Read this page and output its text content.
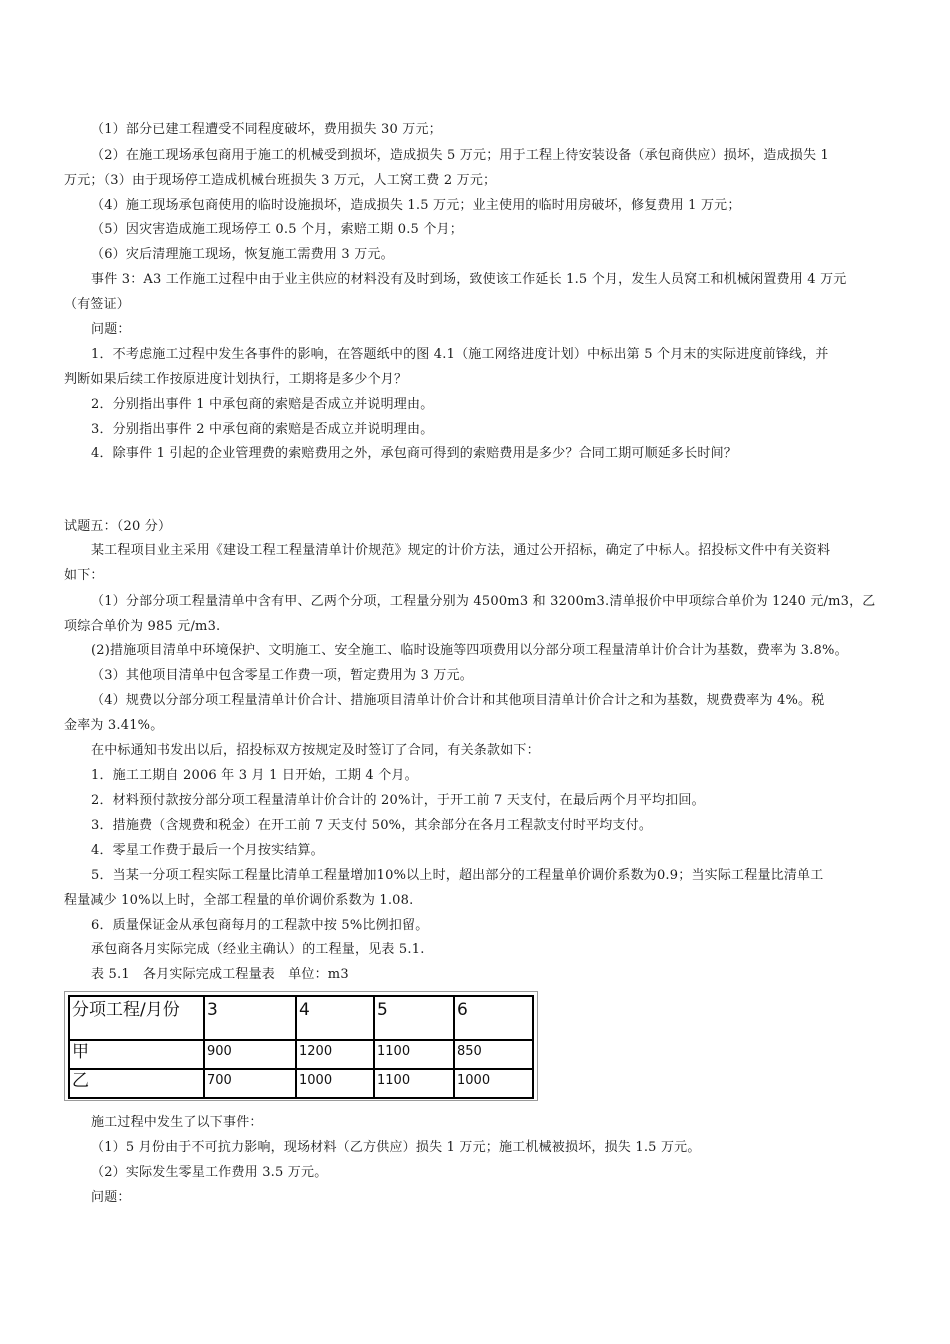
（1）部分已建工程遭受不同程度破坏，费用损失 30 万元；

（2）在施工现场承包商用于施工的机械受到损坏，造成损失 5 万元；用于工程上待安装设备（承包商供应）损坏，造成损失 1

万元；（3）由于现场停工造成机械台班损失 3 万元，人工窝工费 2 万元；

（4）施工现场承包商使用的临时设施损坏，造成损失 1.5 万元；业主使用的临时用房破坏，修复费用 1 万元；

（5）因灾害造成施工现场停工 0.5 个月，索赔工期 0.5 个月；

（6）灾后清理施工现场，恢复施工需费用 3 万元。

事件 3：A3 工作施工过程中由于业主供应的材料没有及时到场，致使该工作延长 1.5 个月，发生人员窝工和机械闲置费用 4 万元

（有签证）

问题：

1．不考虑施工过程中发生各事件的影响，在答题纸中的图 4.1（施工网络进度计划）中标出第 5 个月末的实际进度前锋线，并

判断如果后续工作按原进度计划执行，工期将是多少个月？

2．分别指出事件 1 中承包商的索赔是否成立并说明理由。

3．分别指出事件 2 中承包商的索赔是否成立并说明理由。

4．除事件 1 引起的企业管理费的索赔费用之外，承包商可得到的索赔费用是多少？合同工期可顺延多长时间？

试题五：（20 分）

某工程项目业主采用《建设工程工程量清单计价规范》规定的计价方法，通过公开招标，确定了中标人。招投标文件中有关资料

如下：

（1）分部分项工程量清单中含有甲、乙两个分项，工程量分别为 4500m3 和 3200m3.清单报价中甲项综合单价为 1240 元/m3，乙

项综合单价为 985 元/m3.

(2)措施项目清单中环境保护、文明施工、安全施工、临时设施等四项费用以分部分项工程量清单计价合计为基数，费率为 3.8%。

（3）其他项目清单中包含零星工作费一项，暂定费用为 3 万元。

（4）规费以分部分项工程量清单计价合计、措施项目清单计价合计和其他项目清单计价合计之和为基数，规费费率为 4%。税

金率为 3.41%。

在中标通知书发出以后，招投标双方按规定及时签订了合同，有关条款如下：

1．施工工期自 2006 年 3 月 1 日开始，工期 4 个月。

2．材料预付款按分部分项工程量清单计价合计的 20%计，于开工前 7 天支付，在最后两个月平均扣回。

3．措施费（含规费和税金）在开工前 7 天支付 50%，其余部分在各月工程款支付时平均支付。

4．零星工作费于最后一个月按实结算。

5．当某一分项工程实际工程量比清单工程量增加10%以上时，超出部分的工程量单价调价系数为0.9；当实际工程量比清单工

程量减少 10%以上时，全部工程量的单价调价系数为 1.08.

6．质量保证金从承包商每月的工程款中按 5%比例扣留。

承包商各月实际完成（经业主确认）的工程量，见表 5.1.

表 5.1　各月实际完成工程量表　单位：m3

施工过程中发生了以下事件：

（1）5 月份由于不可抗力影响，现场材料（乙方供应）损失 1 万元；施工机械被损坏，损失 1.5 万元。

（2）实际发生零星工作费用 3.5 万元。

问题：

分项工程/月份	3	4	5	6
甲	900	1200	1100	850
乙	700	1000	1100	1000
